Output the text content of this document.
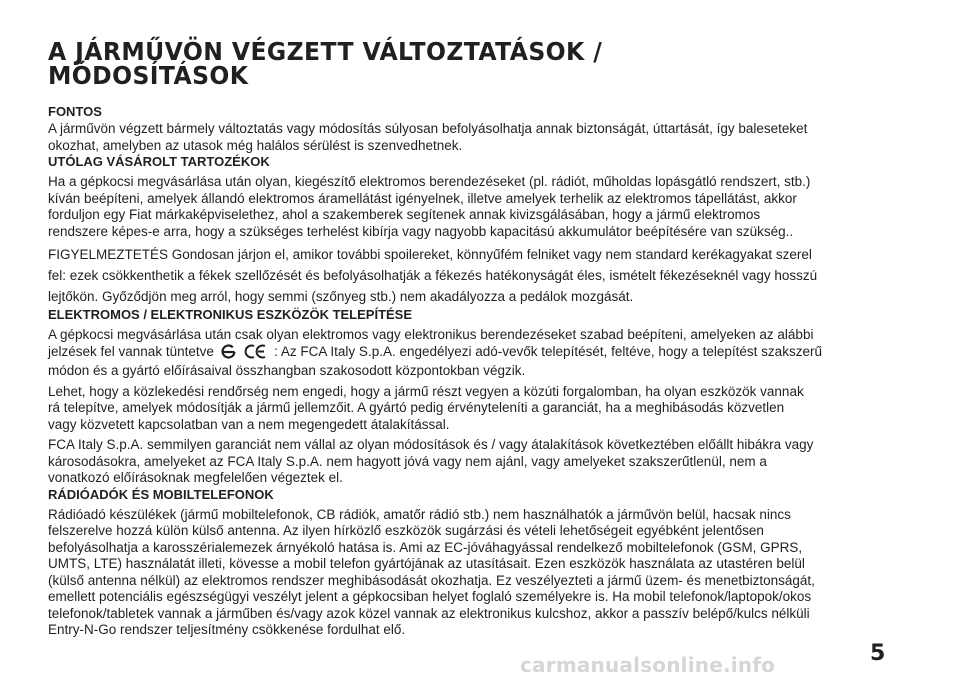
A JÁRMŰVÖN VÉGZETT VÁLTOZTATÁSOK /
MÓDOSÍTÁSOK
FONTOS

A járművön végzett bármely változtatás vagy módosítás súlyosan befolyásolhatja annak biztonságát, úttartását, így baleseteket
okozhat, amelyben az utasok még halálos sérülést is szenvedhetnek.

UTÓLAG VÁSÁROLT TARTOZÉKOK

Ha a gépkocsi megvásárlása után olyan, kiegészítő elektromos berendezéseket (pl. rádiót, műholdas lopásgátló rendszert, stb.)
kíván beépíteni, amelyek állandó elektromos áramellátást igényelnek, illetve amelyek terhelik az elektromos tápellátást, akkor
forduljon egy Fiat márkaképviselethez, ahol a szakemberek segítenek annak kivizsgálásában, hogy a jármű elektromos
rendszere képes-e arra, hogy a szükséges terhelést kibírja vagy nagyobb kapacitású akkumulátor beépítésére van szükség..

FIGYELMEZTETÉS Gondosan járjon el, amikor további spoilereket, könnyűfém felniket vagy nem standard kerékagyakat szerel
fel: ezek csökkenthetik a fékek szellőzését és befolyásolhatják a fékezés hatékonyságát éles, ismételt fékezéseknél vagy hosszú
lejtőkön. Győződjön meg arról, hogy semmi (szőnyeg stb.) nem akadályozza a pedálok mozgását.

ELEKTROMOS / ELEKTRONIKUS ESZKÖZÖK TELEPÍTÉSE

A gépkocsi megvásárlása után csak olyan elektromos vagy elektronikus berendezéseket szabad beépíteni, amelyeken az alábbi
jelzések fel vannak tüntetve	: Az FCA Italy S.p.A. engedélyezi adó-vevők telepítését, feltéve, hogy a telepítést szakszerű
módon és a gyártó előírásaival összhangban szakosodott központokban végzik.

Lehet, hogy a közlekedési rendőrség nem engedi, hogy a jármű részt vegyen a közúti forgalomban, ha olyan eszközök vannak
rá telepítve, amelyek módosítják a jármű jellemzőit. A gyártó pedig érvényteleníti a garanciát, ha a meghibásodás közvetlen
vagy közvetett kapcsolatban van a nem megengedett átalakítással.

FCA Italy S.p.A. semmilyen garanciát nem vállal az olyan módosítások és / vagy átalakítások következtében előállt hibákra vagy
károsodásokra, amelyeket az FCA Italy S.p.A. nem hagyott jóvá vagy nem ajánl, vagy amelyeket szakszerűtlenül, nem a
vonatkozó előírásoknak megfelelően végeztek el.

RÁDIÓADÓK ÉS MOBILTELEFONOK

Rádióadó készülékek (jármű mobiltelefonok, CB rádiók, amatőr rádió stb.) nem használhatók a járművön belül, hacsak nincs
felszerelve hozzá külön külső antenna. Az ilyen hírközlő eszközök sugárzási és vételi lehetőségeit egyébként jelentősen
befolyásolhatja a karosszérialemezek árnyékoló hatása is. Ami az EC-jóváhagyással rendelkező mobiltelefonok (GSM, GPRS,
UMTS, LTE) használatát illeti, kövesse a mobil telefon gyártójának az utasításait. Ezen eszközök használata az utastéren belül
(külső antenna nélkül) az elektromos rendszer meghibásodását okozhatja. Ez veszélyezteti a jármű üzem- és menetbiztonságát,
emellett potenciális egészségügyi veszélyt jelent a gépkocsiban helyet foglaló személyekre is. Ha mobil telefonok/laptopok/okos
telefonok/tabletek vannak a járműben és/vagy azok közel vannak az elektronikus kulcshoz, akkor a passzív belépő/kulcs nélküli
Entry-N-Go rendszer teljesítmény csökkenése fordulhat elő.

carmanualsonline.info	5
